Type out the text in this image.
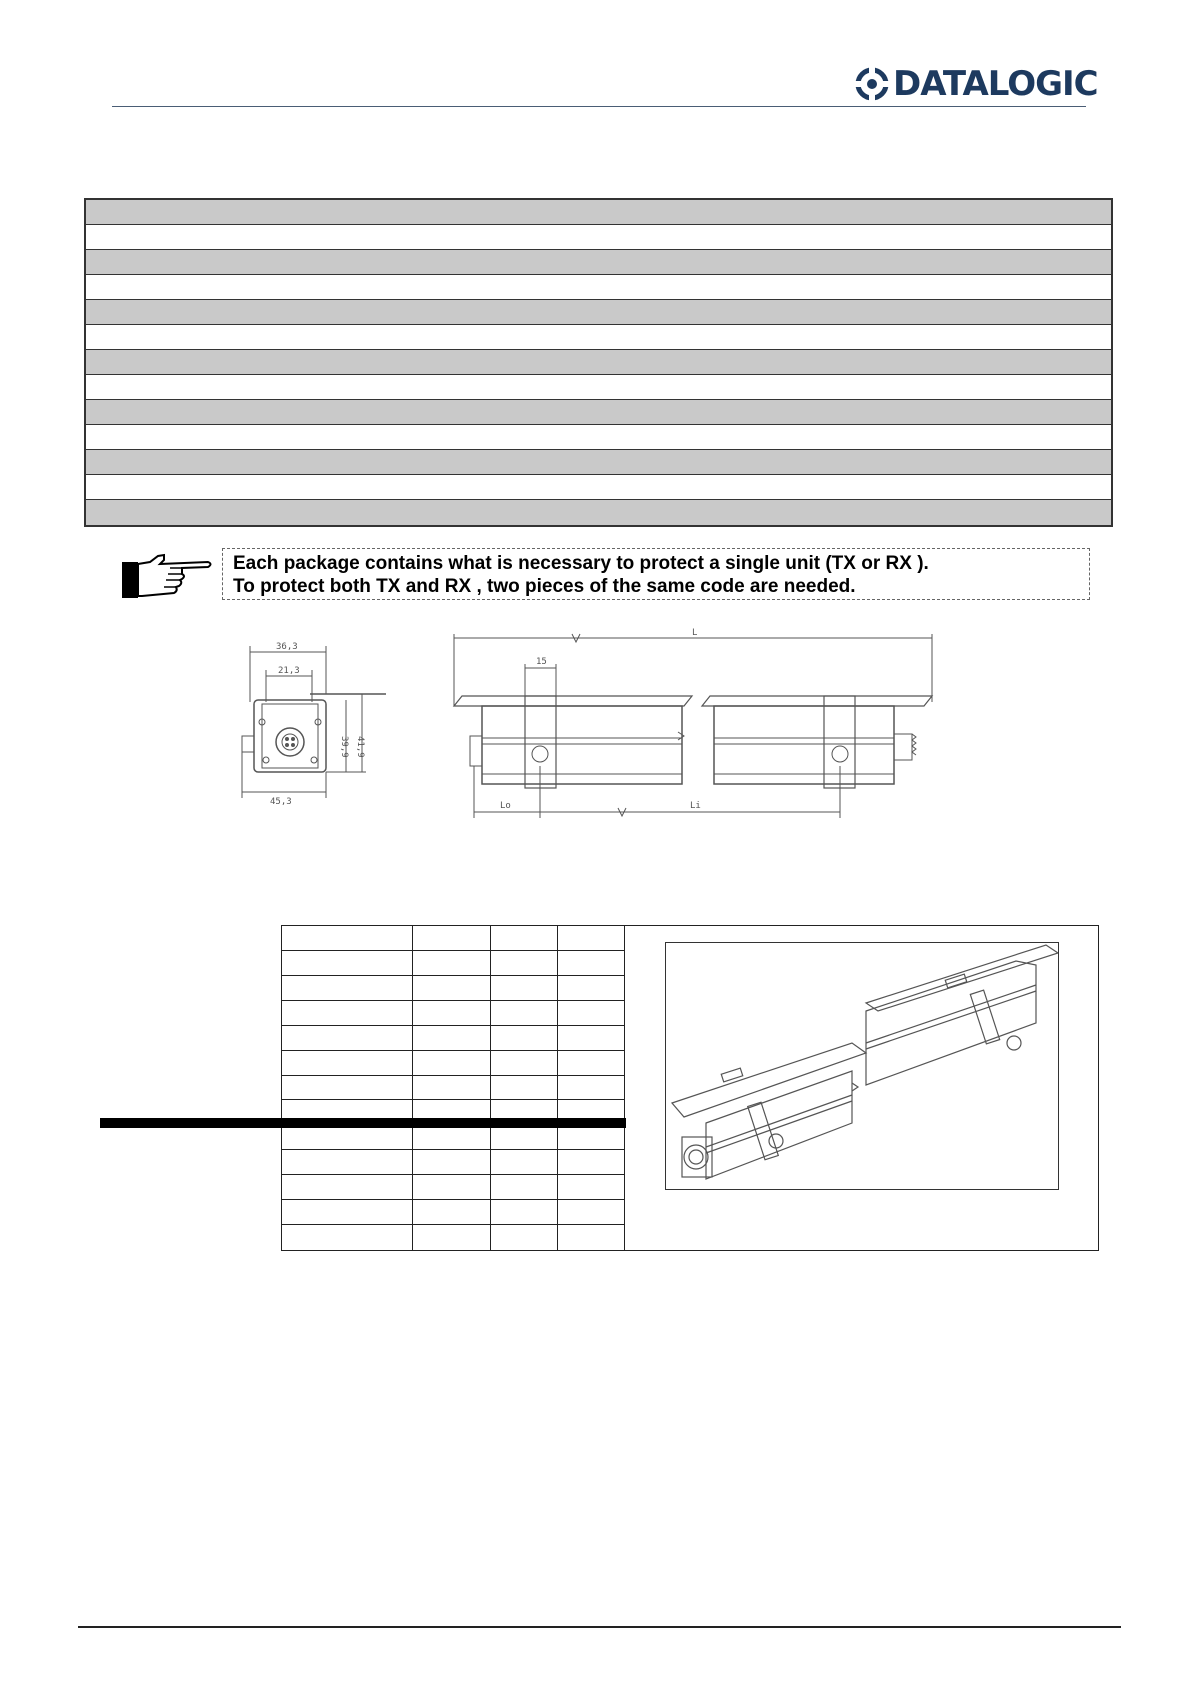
DATALOGIC
Each package contains what is necessary to protect a single unit (TX or RX ).
To protect both TX and RX , two pieces of the same code are needed.
36,3
21,3
45,3
39,9 41,9
L
15
Lo	Li
